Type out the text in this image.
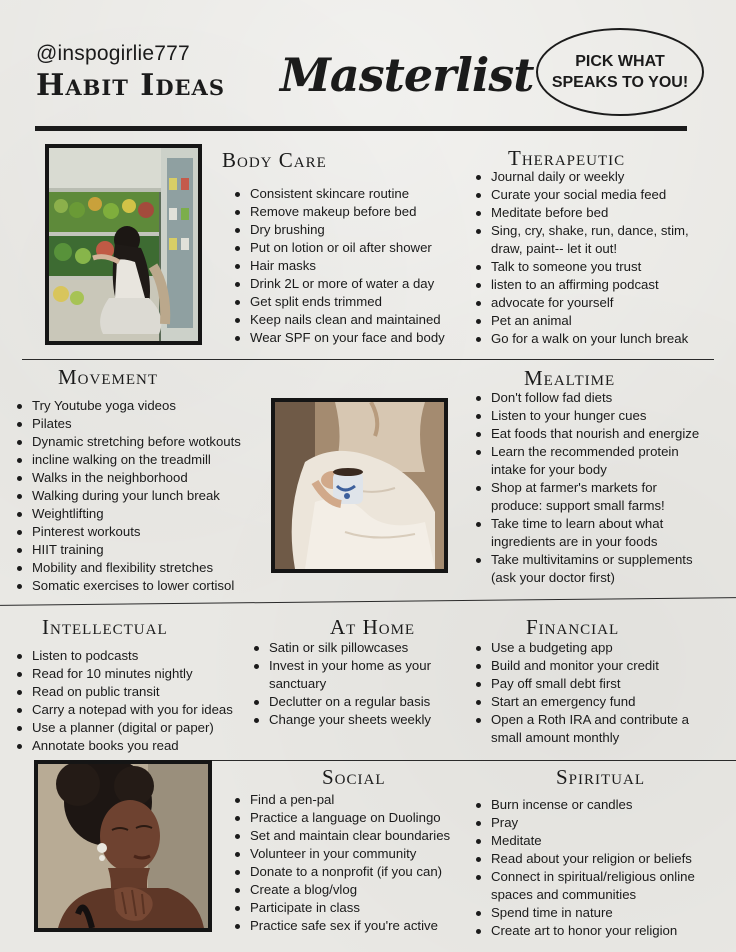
@inspogirlie777
Habit Ideas Masterlist	PICK WHAT
SPEAKS TO YOU!
Body Care
Consistent skincare routine
Remove makeup before bed
Dry brushing
Put on lotion or oil after shower
Hair masks
Drink 2L or more of water a day
Get split ends trimmed
Keep nails clean and maintained
Wear SPF on your face and body
Therapeutic
Journal daily or weekly
Curate your social media feed
Meditate before bed
Sing, cry, shake, run, dance, stim,
draw, paint-- let it out!
Talk to someone you trust
listen to an affirming podcast
advocate for yourself
Pet an animal
Go for a walk on your lunch break
Movement
Try Youtube yoga videos
Pilates
Dynamic stretching before wotkouts
incline walking on the treadmill
Walks in the neighborhood
Walking during your lunch break
Weightlifting
Pinterest workouts
HIIT training
Mobility and flexibility stretches
Somatic exercises to lower cortisol
Mealtime
Don't follow fad diets
Listen to your hunger cues
Eat foods that nourish and energize
Learn the recommended protein
intake for your body
Shop at farmer's markets for
produce: support small farms!
Take time to learn about what
ingredients are in your foods
Take multivitamins or supplements
(ask your doctor first)
Intellectual
Listen to podcasts
Read for 10 minutes nightly
Read on public transit
Carry a notepad with you for ideas
Use a planner (digital or paper)
Annotate books you read
At Home
Satin or silk pillowcases
Invest in your home as your
sanctuary
Declutter on a regular basis
Change your sheets weekly
Financial
Use a budgeting app
Build and monitor your credit
Pay off small debt first
Start an emergency fund
Open a Roth IRA and contribute a
small amount monthly
Social
Find a pen-pal
Practice a language on Duolingo
Set and maintain clear boundaries
Volunteer in your community
Donate to a nonprofit (if you can)
Create a blog/vlog
Participate in class
Practice safe sex if you're active
Spiritual
Burn incense or candles
Pray
Meditate
Read about your religion or beliefs
Connect in spiritual/religious online
spaces and communities
Spend time in nature
Create art to honor your religion
